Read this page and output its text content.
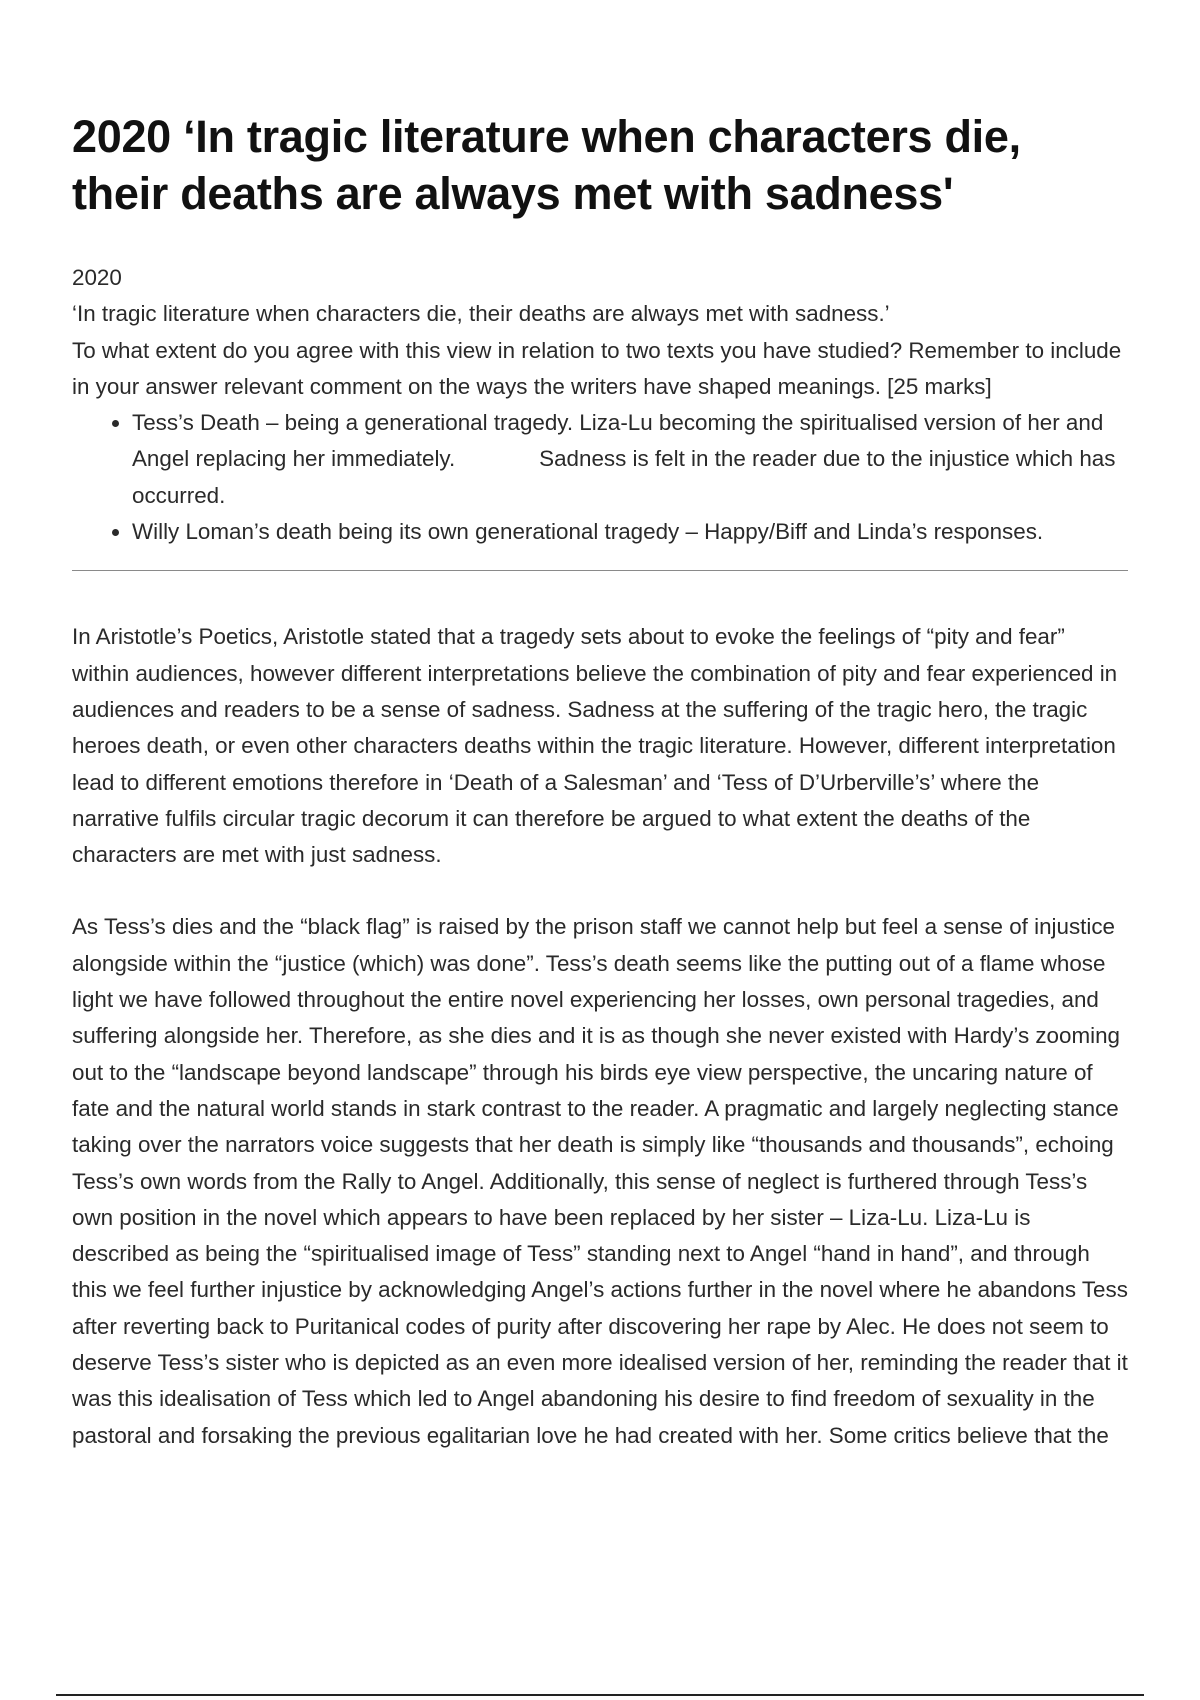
2020 ‘In tragic literature when characters die, their deaths are always met with sadness'

2020

‘In tragic literature when characters die, their deaths are always met with sadness.’

To what extent do you agree with this view in relation to two texts you have studied? Remember to include in your answer relevant comment on the ways the writers have shaped meanings. [25 marks]

• Tess’s Death – being a generational tragedy. Liza-Lu becoming the spiritualised version of her and Angel replacing her immediately.	Sadness is felt in the reader due to the injustice which has occurred.
• Willy Loman’s death being its own generational tragedy – Happy/Biff and Linda’s responses.

In Aristotle’s Poetics, Aristotle stated that a tragedy sets about to evoke the feelings of “pity and fear” within audiences, however different interpretations believe the combination of pity and fear experienced in audiences and readers to be a sense of sadness. Sadness at the suffering of the tragic hero, the tragic heroes death, or even other characters deaths within the tragic literature. However, different interpretation lead to different emotions therefore in ‘Death of a Salesman’ and ‘Tess of D’Urberville’s’ where the narrative fulfils circular tragic decorum it can therefore be argued to what extent the deaths of the characters are met with just sadness.

As Tess’s dies and the “black flag” is raised by the prison staff we cannot help but feel a sense of injustice alongside within the “justice (which) was done”. Tess’s death seems like the putting out of a flame whose light we have followed throughout the entire novel experiencing her losses, own personal tragedies, and suffering alongside her. Therefore, as she dies and it is as though she never existed with Hardy’s zooming out to the “landscape beyond landscape” through his birds eye view perspective, the uncaring nature of fate and the natural world stands in stark contrast to the reader. A pragmatic and largely neglecting stance taking over the narrators voice suggests that her death is simply like “thousands and thousands”, echoing Tess’s own words from the Rally to Angel. Additionally, this sense of neglect is furthered through Tess’s own position in the novel which appears to have been replaced by her sister – Liza-Lu. Liza-Lu is described as being the “spiritualised image of Tess” standing next to Angel “hand in hand”, and through this we feel further injustice by acknowledging Angel’s actions further in the novel where he abandons Tess after reverting back to Puritanical codes of purity after discovering her rape by Alec. He does not seem to deserve Tess’s sister who is depicted as an even more idealised version of her, reminding the reader that it was this idealisation of Tess which led to Angel abandoning his desire to find freedom of sexuality in the pastoral and forsaking the previous egalitarian love he had created with her. Some critics believe that the
